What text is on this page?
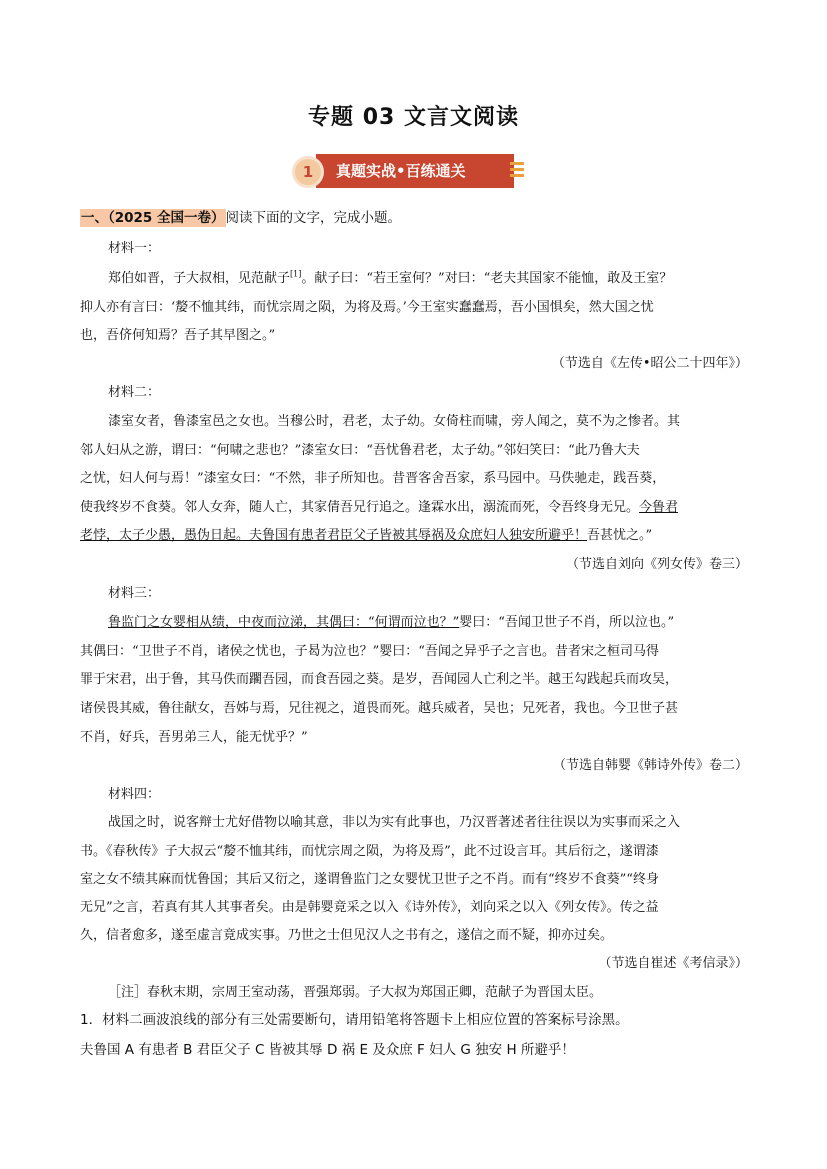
专题 03 文言文阅读
真题实战•百练通关
1
一、（2025 全国一卷）阅读下面的文字，完成小题。
材料一：
郑伯如晋，子大叔相，见范献子[1]。献子曰：“若王室何？”对曰：“老夫其国家不能恤，敢及王室？
抑人亦有言曰：‘嫠不恤其纬，而忧宗周之陨，为将及焉。’今王室实蠢蠢焉，吾小国惧矣，然大国之忧
也，吾侪何知焉？吾子其早图之。”
（节选自《左传•昭公二十四年》）
材料二：
漆室女者，鲁漆室邑之女也。当穆公时，君老，太子幼。女倚柱而啸，旁人闻之，莫不为之惨者。其
邻人妇从之游，谓曰：“何啸之悲也？”漆室女曰：“吾忧鲁君老，太子幼。”邻妇笑曰：“此乃鲁大夫
之忧，妇人何与焉！”漆室女曰：“不然，非子所知也。昔晋客舍吾家，系马园中。马佚驰走，践吾葵，
使我终岁不食葵。邻人女奔，随人亡，其家倩吾兄行追之。逢霖水出，溺流而死，令吾终身无兄。今鲁君
老悖，太子少愚，愚伪日起。夫鲁国有患者君臣父子皆被其辱祸及众庶妇人独安所避乎！吾甚忧之。”
（节选自刘向《列女传》卷三）
材料三：
鲁监门之女婴相从绩，中夜而泣涕，其偶曰：“何谓而泣也？”婴曰：“吾闻卫世子不肖，所以泣也。”
其偶曰：“卫世子不肖，诸侯之忧也，子曷为泣也？”婴曰：“吾闻之异乎子之言也。昔者宋之桓司马得
罪于宋君，出于鲁，其马佚而躙吾园，而食吾园之葵。是岁，吾闻园人亡利之半。越王勾践起兵而攻吴，
诸侯畏其威，鲁往献女，吾姊与焉，兄往视之，道畏而死。越兵威者，吴也；兄死者，我也。今卫世子甚
不肖，好兵，吾男弟三人，能无忧乎？”
（节选自韩婴《韩诗外传》卷二）
材料四：
战国之时，说客辩士尤好借物以喻其意，非以为实有此事也，乃汉晋著述者往往误以为实事而采之入
书。《春秋传》子大叔云“嫠不恤其纬，而忧宗周之陨，为将及焉”，此不过设言耳。其后衍之，遂谓漆
室之女不绩其麻而忧鲁国；其后又衍之，遂谓鲁监门之女婴忧卫世子之不肖。而有“终岁不食葵”“终身
无兄”之言，若真有其人其事者矣。由是韩婴竟采之以入《诗外传》，刘向采之以入《列女传》。传之益
久，信者愈多，遂至虚言竟成实事。乃世之士但见汉人之书有之，遂信之而不疑，抑亦过矣。
（节选自崔述《考信录》）
［注］春秋末期，宗周王室动荡，晋强郑弱。子大叔为郑国正卿，范献子为晋国太臣。
1．材料二画波浪线的部分有三处需要断句，请用铅笔将答题卡上相应位置的答案标号涂黑。
夫鲁国 A 有患者 B 君臣父子 C 皆被其辱 D 祸 E 及众庶 F 妇人 G 独安 H 所避乎！
